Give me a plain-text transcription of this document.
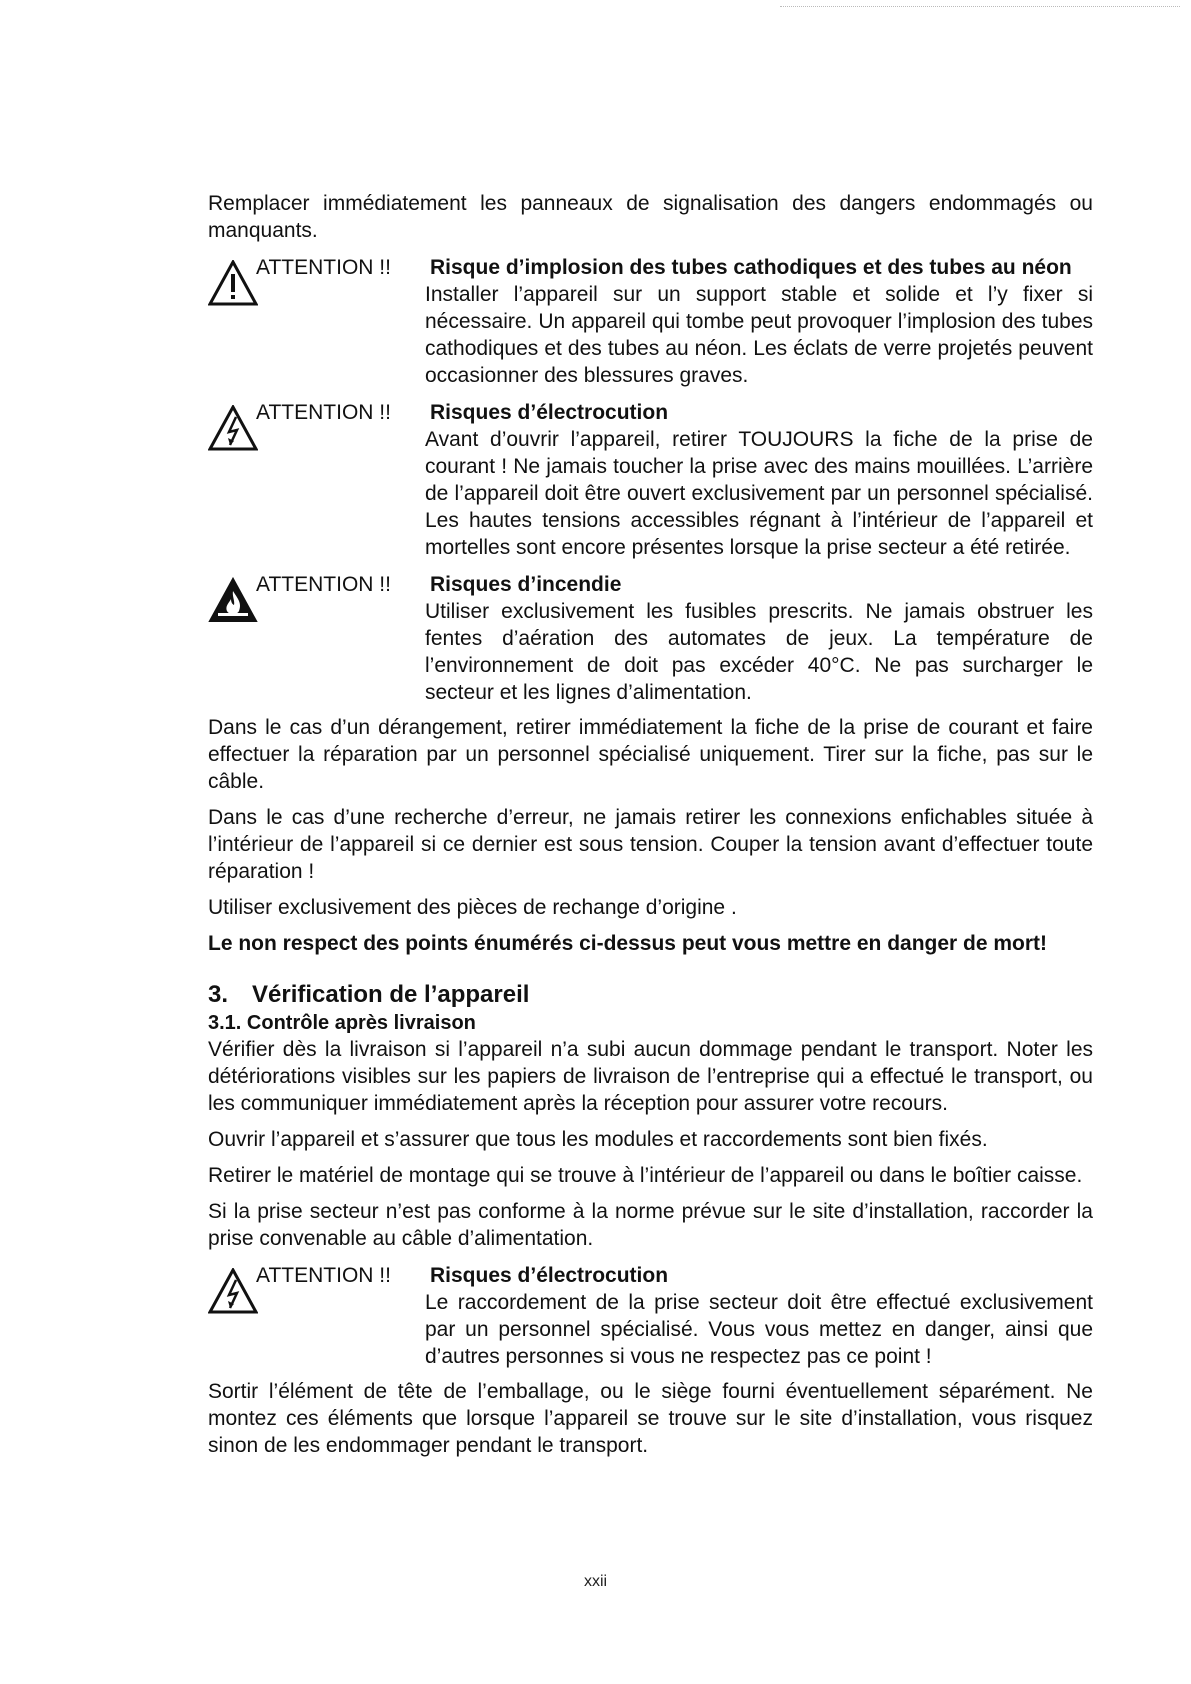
Remplacer immédiatement les panneaux de signalisation des dangers endommagés ou manquants.

ATTENTION !!	Risque d’implosion des tubes cathodiques et des tubes au néon
Installer l’appareil sur un support stable et solide et l’y fixer si nécessaire. Un appareil qui tombe peut provoquer l’implosion des tubes cathodiques et des tubes au néon. Les éclats de verre projetés peuvent occasionner des blessures graves.
ATTENTION !!	Risques d’électrocution
Avant d’ouvrir l’appareil, retirer TOUJOURS la fiche de la prise de courant ! Ne jamais toucher la prise avec des mains mouillées. L’arrière de l’appareil doit être ouvert exclusivement par un personnel spécialisé. Les hautes tensions accessibles régnant à l’intérieur de l’appareil et mortelles sont encore présentes lorsque la prise secteur a été retirée.
ATTENTION !!	Risques d’incendie
Utiliser exclusivement les fusibles prescrits. Ne jamais obstruer les fentes d’aération des automates de jeux. La température de l’environnement de doit pas excéder 40°C. Ne pas surcharger le secteur et les lignes d’alimentation.

Dans le cas d’un dérangement, retirer immédiatement la fiche de la prise de courant et faire effectuer la réparation par un personnel spécialisé uniquement. Tirer sur la fiche, pas sur le câble.

Dans le cas d’une recherche d’erreur, ne jamais retirer les connexions enfichables située à l’intérieur de l’appareil si ce dernier est sous tension. Couper la tension avant d’effectuer toute réparation !

Utiliser exclusivement des pièces de rechange d’origine .

Le non respect des points énumérés ci-dessus peut vous mettre en danger de mort!

3. Vérification de l’appareil
3.1. Contrôle après livraison

Vérifier dès la livraison si l’appareil n’a subi aucun dommage pendant le transport. Noter les détériorations visibles sur les papiers de livraison de l’entreprise qui a effectué le transport, ou les communiquer immédiatement après la réception pour assurer votre recours.

Ouvrir l’appareil et s’assurer que tous les modules et raccordements sont bien fixés.

Retirer le matériel de montage qui se trouve à l’intérieur de l’appareil ou dans le boîtier caisse.

Si la prise secteur n’est pas conforme à la norme prévue sur le site d’installation, raccorder la prise convenable au câble d’alimentation.

ATTENTION !!	Risques d’électrocution
Le raccordement de la prise secteur doit être effectué exclusivement par un personnel spécialisé. Vous vous mettez en danger, ainsi que d’autres personnes si vous ne respectez pas ce point !

Sortir l’élément de tête de l’emballage, ou le siège fourni éventuellement séparément. Ne montez ces éléments que lorsque l’appareil se trouve sur le site d’installation, vous risquez sinon de les endommager pendant le transport.

xxii
